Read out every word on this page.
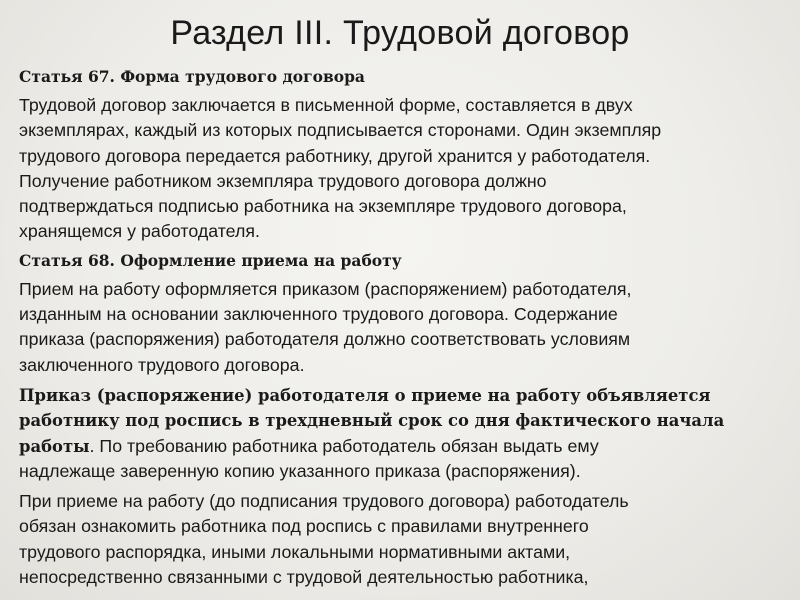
Раздел III. Трудовой договор
Статья 67. Форма трудового договора
Трудовой договор заключается в письменной форме, составляется в двух
экземплярах, каждый из которых подписывается сторонами. Один экземпляр
трудового договора передается работнику, другой хранится у работодателя.
Получение работником экземпляра трудового договора должно
подтверждаться подписью работника на экземпляре трудового договора,
хранящемся у работодателя.
Статья 68. Оформление приема на работу
Прием на работу оформляется приказом (распоряжением) работодателя,
изданным на основании заключенного трудового договора. Содержание
приказа (распоряжения) работодателя должно соответствовать условиям
заключенного трудового договора.
Приказ (распоряжение) работодателя о приеме на работу объявляется
работнику под роспись в трехдневный срок со дня фактического начала
работы. По требованию работника работодатель обязан выдать ему
надлежаще заверенную копию указанного приказа (распоряжения).
При приеме на работу (до подписания трудового договора) работодатель
обязан ознакомить работника под роспись с правилами внутреннего
трудового распорядка, иными локальными нормативными актами,
непосредственно связанными с трудовой деятельностью работника,
